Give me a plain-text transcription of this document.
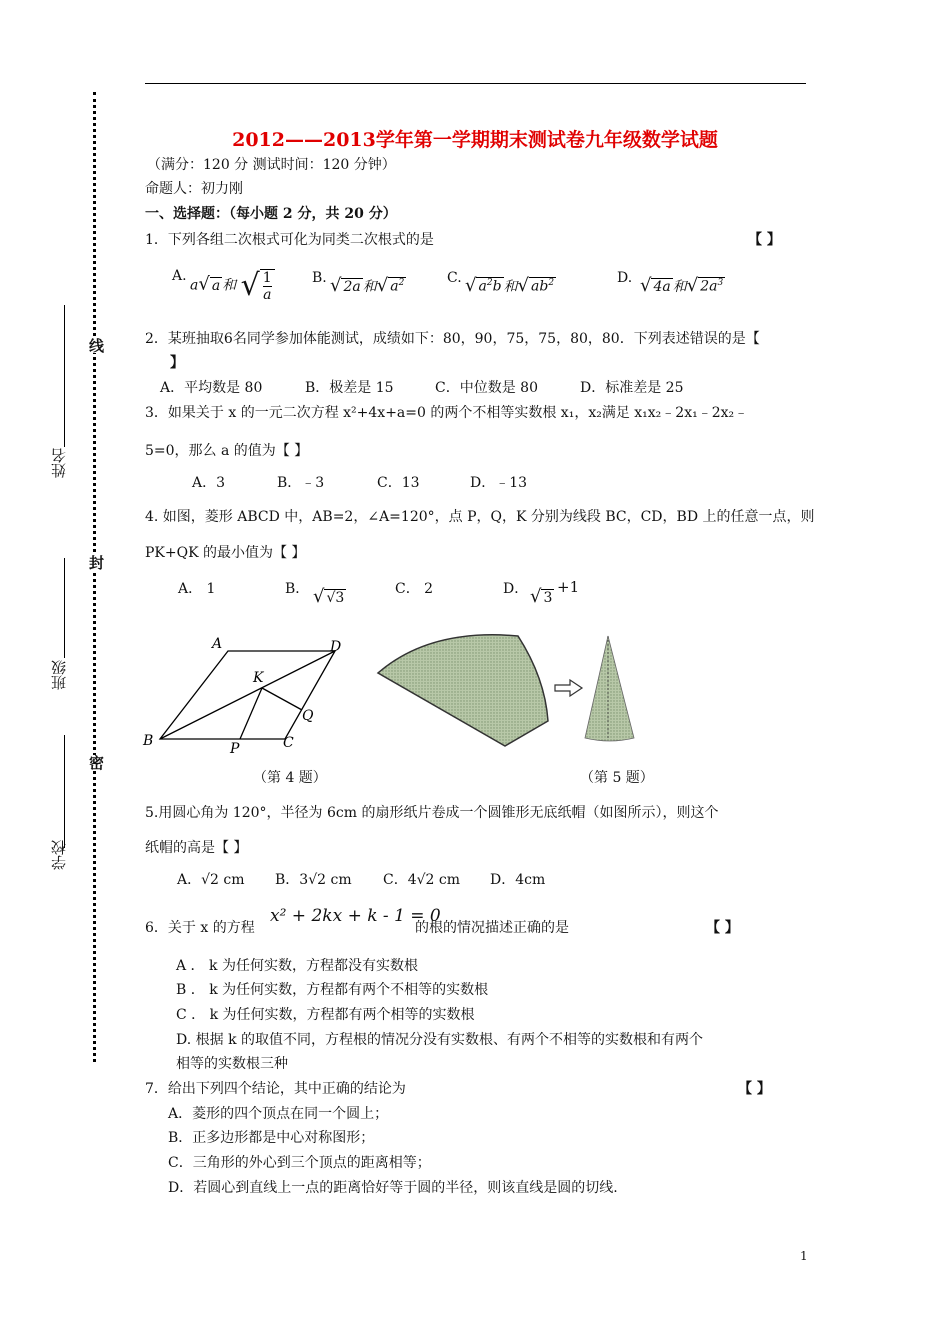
线
封
密
姓名
班级
学校
2012——2013学年第一学期期末测试卷九年级数学试题
（满分：120 分 测试时间：120 分钟）
命题人：初力刚
一、选择题：（每小题 2 分，共 20 分）
1．下列各组二次根式可化为同类二次根式的是	【 】
A.
a√ a 和 √ $\frac{1}{a}$	B. √ 2a 和√ $a^2$	C. √ $a^2b$ 和√ $ab^2$	D. √ 4a 和√ $2a^3$
2．某班抽取6名同学参加体能测试，成绩如下：80，90，75，75，80，80．下列表述错误的是【
】
A．平均数是 80	B．极差是 15	C．中位数是 80	D．标准差是 25
3．如果关于 x 的一元二次方程 x²+4x+a=0 的两个不相等实数根 x₁，x₂满足 x₁x₂﹣2x₁﹣2x₂﹣
5=0，那么 a 的值为【 】
A．3	B．﹣3	C．13	D．﹣13
4. 如图，菱形 ABCD 中，AB=2，∠A=120°，点 P，Q，K 分别为线段 BC，CD，BD 上的任意一点，则
PK+QK 的最小值为【 】
A． 1	B． √ √3
C． 2	D． √ 3
+1
A	D
B	C
K
P
Q
（第 4 题）	（第 5 题）
5.用圆心角为 120°，半径为 6cm 的扇形纸片卷成一个圆锥形无底纸帽（如图所示），则这个
纸帽的高是【 】
A．√2 cm B．3√2 cm C．4√2 cm D．4cm
6．关于 x 的方程
x² + 2kx + k - 1 = 0
的根的情况描述正确的是	【 】
A ． k 为任何实数，方程都没有实数根
B ． k 为任何实数，方程都有两个不相等的实数根
C ． k 为任何实数，方程都有两个相等的实数根
D. 根据 k 的取值不同，方程根的情况分没有实数根、有两个不相等的实数根和有两个
相等的实数根三种
7．给出下列四个结论，其中正确的结论为	【 】
A．菱形的四个顶点在同一个圆上；
B．正多边形都是中心对称图形；
C．三角形的外心到三个顶点的距离相等；
D．若圆心到直线上一点的距离恰好等于圆的半径，则该直线是圆的切线.
1
